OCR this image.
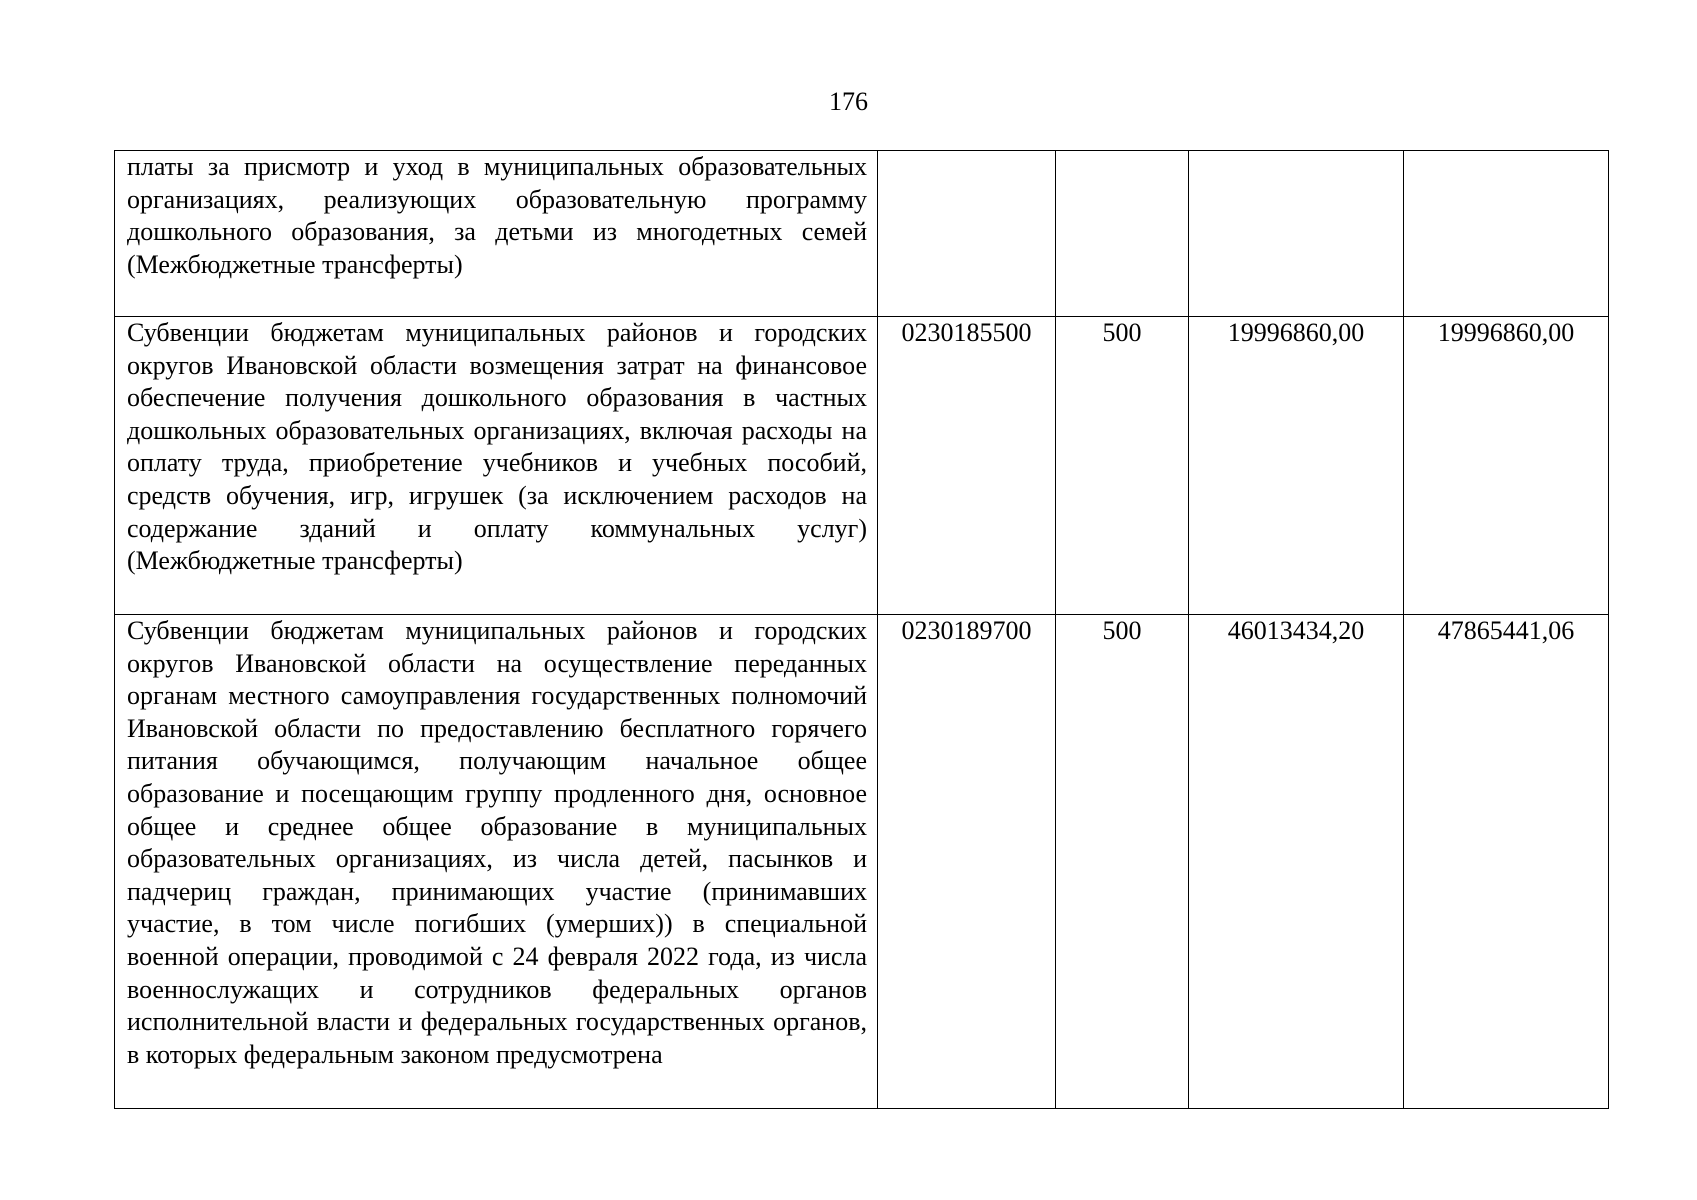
176
платы за присмотр и уход в муниципальных образовательных организациях, реализующих образовательную программу дошкольного образования, за детьми из многодетных семей (Межбюджетные трансферты)				
Субвенции бюджетам муниципальных районов и городских округов Ивановской области возмещения затрат на финансовое обеспечение получения дошкольного образования в частных дошкольных образовательных организациях, включая расходы на оплату труда, приобретение учебников и учебных пособий, средств обучения, игр, игрушек (за исключением расходов на содержание зданий и оплату коммунальных услуг) (Межбюджетные трансферты)	0230185500	500	19996860,00	19996860,00
Субвенции бюджетам муниципальных районов и городских округов Ивановской области на осуществление переданных органам местного самоуправления государственных полномочий Ивановской области по предоставлению бесплатного горячего питания обучающимся, получающим начальное общее образование и посещающим группу продленного дня, основное общее и среднее общее образование в муниципальных образовательных организациях, из числа детей, пасынков и падчериц граждан, принимающих участие (принимавших участие, в том числе погибших (умерших)) в специальной военной операции, проводимой с 24 февраля 2022 года, из числа военнослужащих и сотрудников федеральных органов исполнительной власти и федеральных государственных органов, в которых федеральным законом предусмотрена	0230189700	500	46013434,20	47865441,06
